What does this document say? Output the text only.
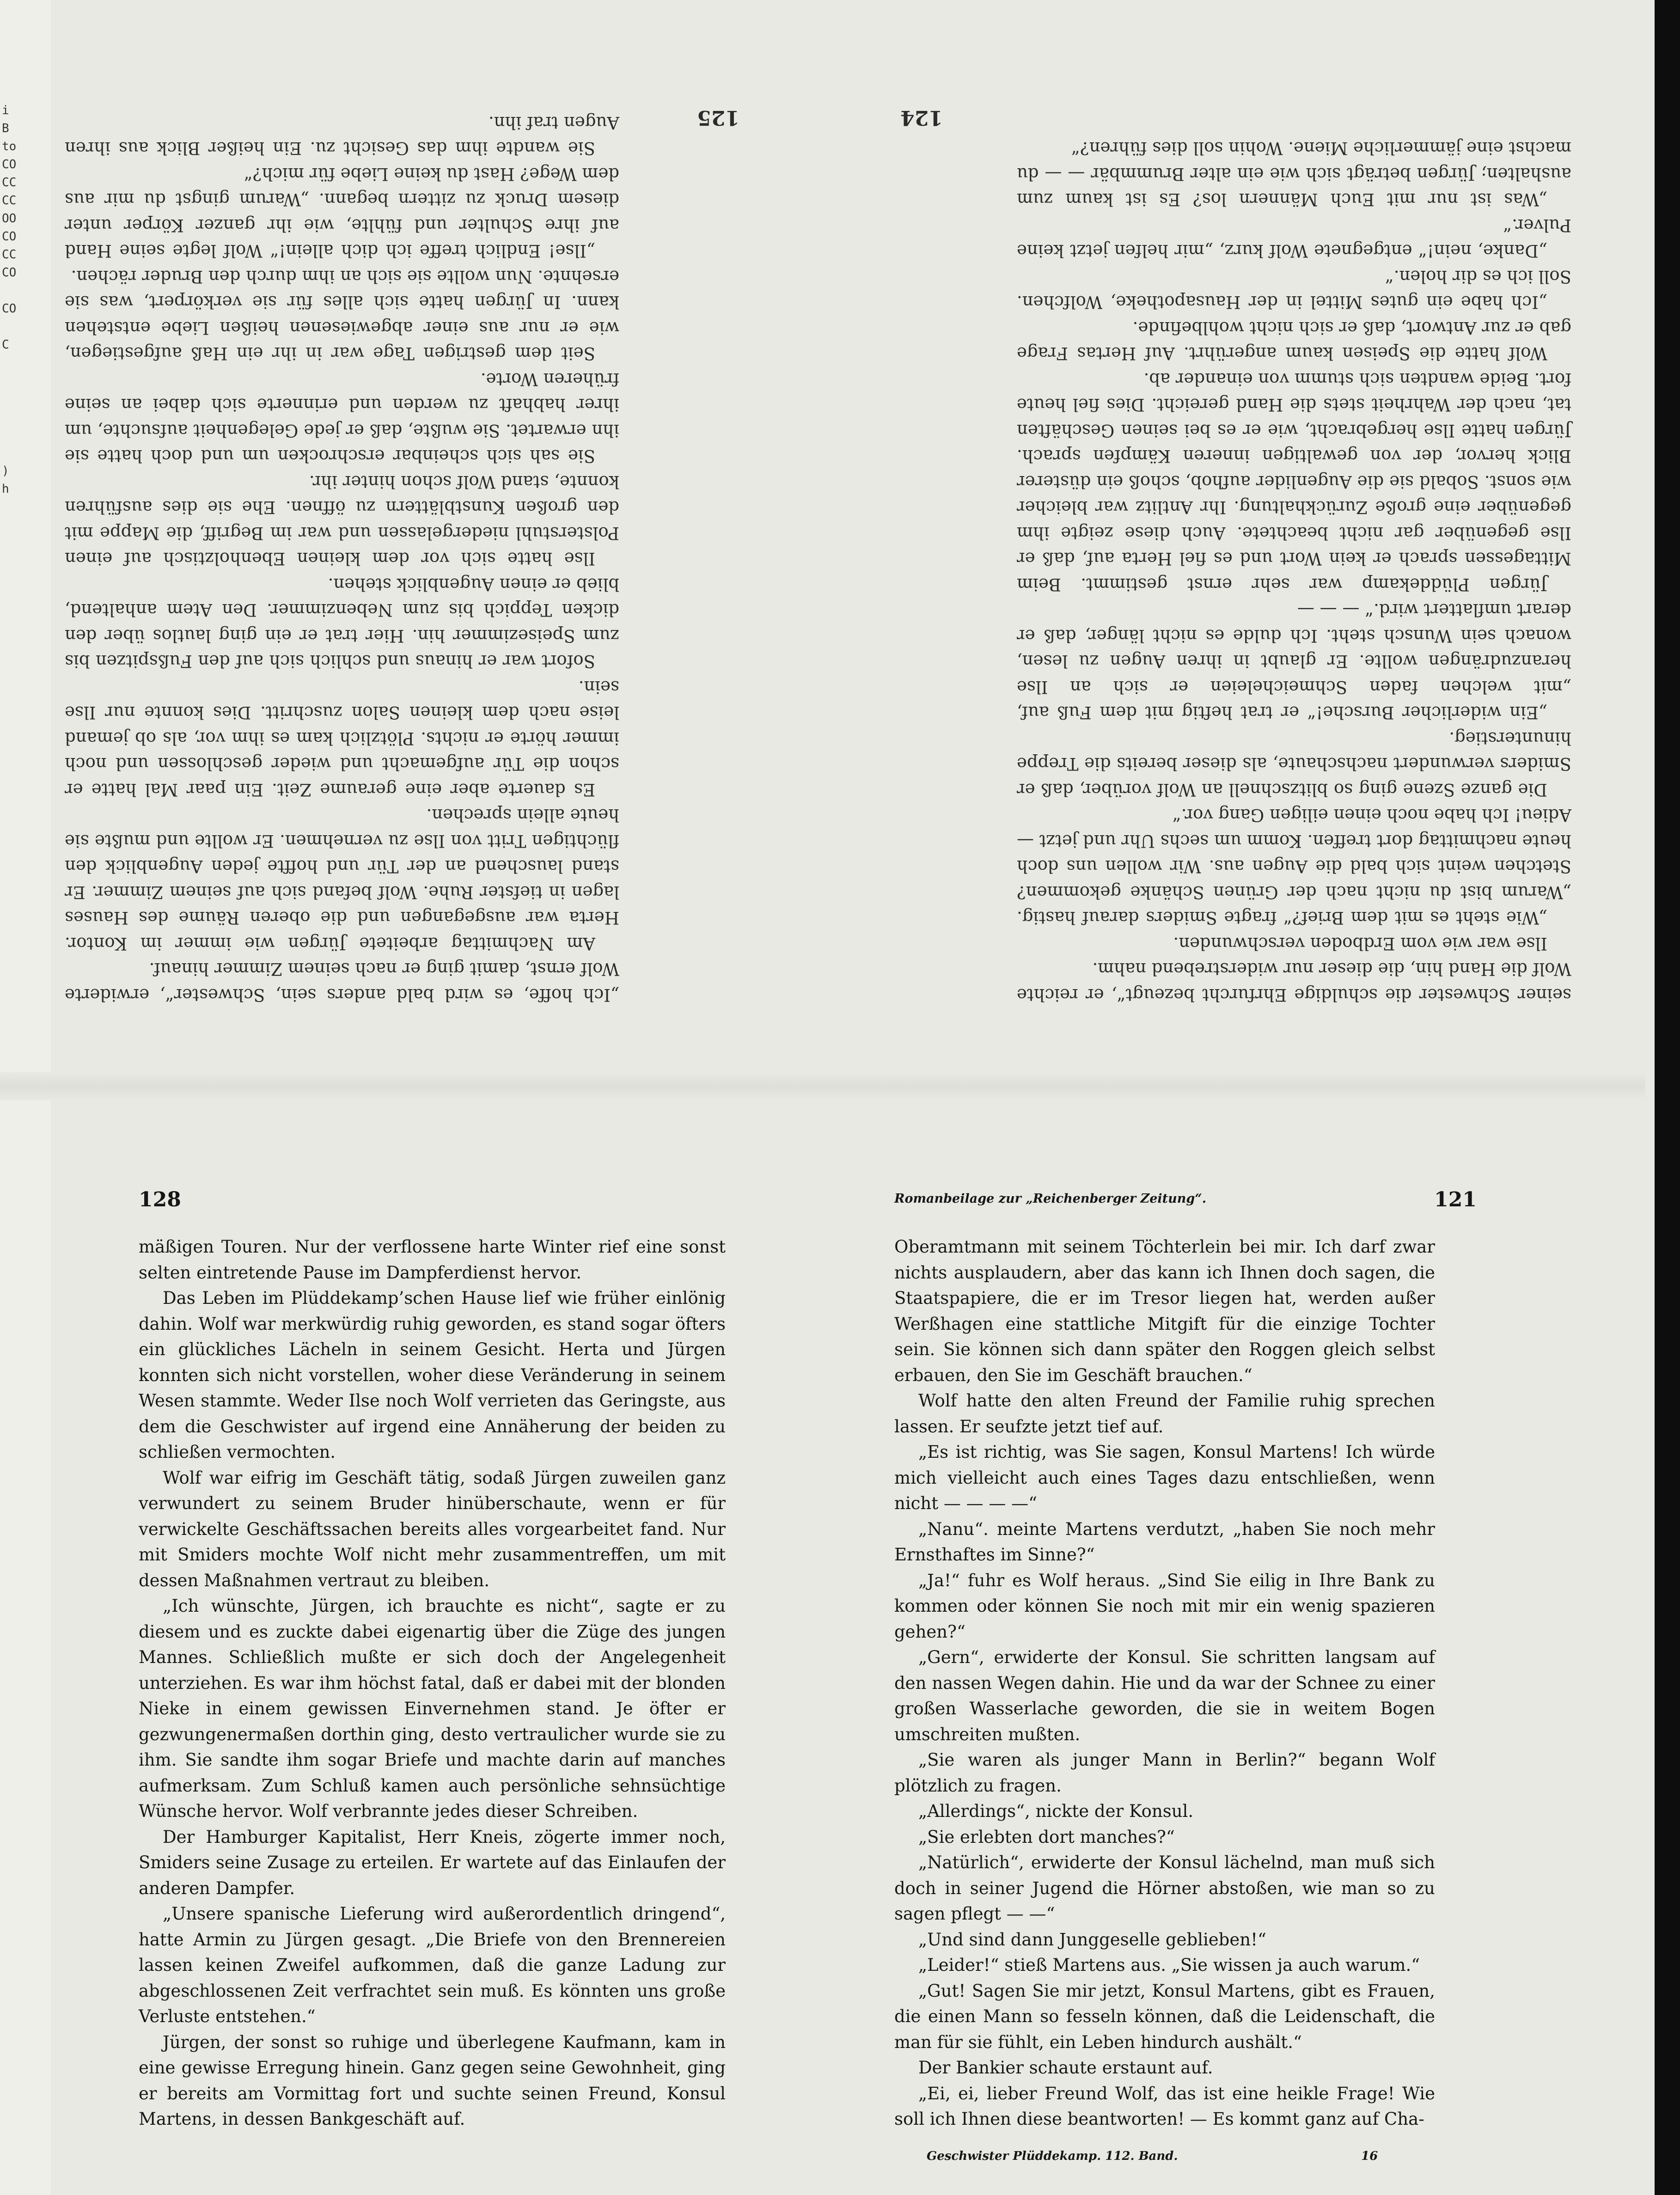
i
B
to
CO
CC
CC
OO
CO
CC
CO

CO

C

)
h
125

„Ich hoffe, es wird bald anders sein, Schwester“, erwiderte Wolf ernst, damit ging er nach seinem Zimmer hinauf.

Am Nachmittag arbeitete Jürgen wie immer im Kontor. Herta war ausgegangen und die oberen Räume des Hauses lagen in tiefster Ruhe. Wolf befand sich auf seinem Zimmer. Er stand lauschend an der Tür und hoffte jeden Augenblick den flüchtigen Tritt von Ilse zu vernehmen. Er wollte und mußte sie heute allein sprechen.

Es dauerte aber eine geraume Zeit. Ein paar Mal hatte er schon die Tür aufgemacht und wieder geschlossen und noch immer hörte er nichts. Plötzlich kam es ihm vor, als ob jemand leise nach dem kleinen Salon zuschritt. Dies konnte nur Ilse sein.

Sofort war er hinaus und schlich sich auf den Fußspitzen bis zum Speisezimmer hin. Hier trat er ein ging lautlos über den dicken Teppich bis zum Nebenzimmer. Den Atem anhaltend, blieb er einen Augenblick stehen.

Ilse hatte sich vor dem kleinen Ebenholztisch auf einen Polsterstuhl niedergelassen und war im Begriff, die Mappe mit den großen Kunstblättern zu öffnen. Ehe sie dies ausführen konnte, stand Wolf schon hinter ihr.

Sie sah sich scheinbar erschrocken um und doch hatte sie ihn erwartet. Sie wußte, daß er jede Gelegenheit aufsuchte, um ihrer habhaft zu werden und erinnerte sich dabei an seine früheren Worte.

Seit dem gestrigen Tage war in ihr ein Haß aufgestiegen, wie er nur aus einer abgewiesenen heißen Liebe entstehen kann. In Jürgen hatte sich alles für sie verkörpert, was sie ersehnte. Nun wollte sie sich an ihm durch den Bruder rächen.

„Ilse! Endlich treffe ich dich allein!“ Wolf legte seine Hand auf ihre Schulter und fühlte, wie ihr ganzer Körper unter diesem Druck zu zittern begann. „Warum gingst du mir aus dem Wege? Hast du keine Liebe für mich?“

Sie wandte ihm das Gesicht zu. Ein heißer Blick aus ihren Augen traf ihn.	124

seiner Schwester die schuldige Ehrfurcht bezeugt“, er reichte Wolf die Hand hin, die dieser nur widerstrebend nahm.

Ilse war wie vom Erdboden verschwunden.

„Wie steht es mit dem Brief?“ fragte Smiders darauf hastig. „Warum bist du nicht nach der Grünen Schänke gekommen? Stetchen weint sich bald die Augen aus. Wir wollen uns doch heute nachmittag dort treffen. Komm um sechs Uhr und jetzt — Adieu! Ich habe noch einen eiligen Gang vor.“

Die ganze Szene ging so blitzschnell an Wolf vorüber, daß er Smiders verwundert nachschaute, als dieser bereits die Treppe hinunterstieg.

„Ein widerlicher Bursche!“ er trat heftig mit dem Fuß auf, „mit welchen faden Schmeicheleien er sich an Ilse heranzudrängen wollte. Er glaubt in ihren Augen zu lesen, wonach sein Wunsch steht. Ich dulde es nicht länger, daß er derart umflattert wird.“ — — —

Jürgen Plüddekamp war sehr ernst gestimmt. Beim Mittagessen sprach er kein Wort und es fiel Herta auf, daß er Ilse gegenüber gar nicht beachtete. Auch diese zeigte ihm gegenüber eine große Zurückhaltung. Ihr Antlitz war bleicher wie sonst. Sobald sie die Augenlider aufhob, schoß ein düsterer Blick hervor, der von gewaltigen inneren Kämpfen sprach. Jürgen hatte Ilse hergebracht, wie er es bei seinen Geschäften tat, nach der Wahrheit stets die Hand gereicht. Dies fiel heute fort. Beide wandten sich stumm von einander ab.

Wolf hatte die Speisen kaum angerührt. Auf Hertas Frage gab er zur Antwort, daß er sich nicht wohlbefinde.

„Ich habe ein gutes Mittel in der Hausapotheke, Wolfchen. Soll ich es dir holen.“

„Danke, nein!“ entgegnete Wolf kurz, „mir helfen jetzt keine Pulver.“

„Was ist nur mit Euch Männern los? Es ist kaum zum aushalten; Jürgen beträgt sich wie ein alter Brummbär — — du machst eine jämmerliche Miene. Wohin soll dies führen?“

128

mäßigen Touren. Nur der verflossene harte Winter rief eine sonst selten eintretende Pause im Dampferdienst hervor.

Das Leben im Plüddekamp’schen Hause lief wie früher einlönig dahin. Wolf war merkwürdig ruhig geworden, es stand sogar öfters ein glückliches Lächeln in seinem Gesicht. Herta und Jürgen konnten sich nicht vorstellen, woher diese Veränderung in seinem Wesen stammte. Weder Ilse noch Wolf verrieten das Geringste, aus dem die Geschwister auf irgend eine Annäherung der beiden zu schließen vermochten.

Wolf war eifrig im Geschäft tätig, sodaß Jürgen zuweilen ganz verwundert zu seinem Bruder hinüberschaute, wenn er für verwickelte Geschäftssachen bereits alles vorgearbeitet fand. Nur mit Smiders mochte Wolf nicht mehr zusammentreffen, um mit dessen Maßnahmen vertraut zu bleiben.

„Ich wünschte, Jürgen, ich brauchte es nicht“, sagte er zu diesem und es zuckte dabei eigenartig über die Züge des jungen Mannes. Schließlich mußte er sich doch der Angelegenheit unterziehen. Es war ihm höchst fatal, daß er dabei mit der blonden Nieke in einem gewissen Einvernehmen stand. Je öfter er gezwungenermaßen dorthin ging, desto vertraulicher wurde sie zu ihm. Sie sandte ihm sogar Briefe und machte darin auf manches aufmerksam. Zum Schluß kamen auch persönliche sehnsüchtige Wünsche hervor. Wolf verbrannte jedes dieser Schreiben.

Der Hamburger Kapitalist, Herr Kneis, zögerte immer noch, Smiders seine Zusage zu erteilen. Er wartete auf das Einlaufen der anderen Dampfer.

„Unsere spanische Lieferung wird außerordentlich dringend“, hatte Armin zu Jürgen gesagt. „Die Briefe von den Brennereien lassen keinen Zweifel aufkommen, daß die ganze Ladung zur abgeschlossenen Zeit verfrachtet sein muß. Es könnten uns große Verluste entstehen.“

Jürgen, der sonst so ruhige und überlegene Kaufmann, kam in eine gewisse Erregung hinein. Ganz gegen seine Gewohnheit, ging er bereits am Vormittag fort und suchte seinen Freund, Konsul Martens, in dessen Bankgeschäft auf.

Romanbeilage zur „Reichenberger Zeitung“.	121

Oberamtmann mit seinem Töchterlein bei mir. Ich darf zwar nichts ausplaudern, aber das kann ich Ihnen doch sagen, die Staatspapiere, die er im Tresor liegen hat, werden außer Werßhagen eine stattliche Mitgift für die einzige Tochter sein. Sie können sich dann später den Roggen gleich selbst erbauen, den Sie im Geschäft brauchen.“

Wolf hatte den alten Freund der Familie ruhig sprechen lassen. Er seufzte jetzt tief auf.

„Es ist richtig, was Sie sagen, Konsul Martens! Ich würde mich vielleicht auch eines Tages dazu entschließen, wenn nicht — — — —“

„Nanu“. meinte Martens verdutzt, „haben Sie noch mehr Ernsthaftes im Sinne?“

„Ja!“ fuhr es Wolf heraus. „Sind Sie eilig in Ihre Bank zu kommen oder können Sie noch mit mir ein wenig spazieren gehen?“

„Gern“, erwiderte der Konsul. Sie schritten langsam auf den nassen Wegen dahin. Hie und da war der Schnee zu einer großen Wasserlache geworden, die sie in weitem Bogen umschreiten mußten.

„Sie waren als junger Mann in Berlin?“ begann Wolf plötzlich zu fragen.

„Allerdings“, nickte der Konsul.

„Sie erlebten dort manches?“

„Natürlich“, erwiderte der Konsul lächelnd, man muß sich doch in seiner Jugend die Hörner abstoßen, wie man so zu sagen pflegt — —“

„Und sind dann Junggeselle geblieben!“

„Leider!“ stieß Martens aus. „Sie wissen ja auch warum.“

„Gut! Sagen Sie mir jetzt, Konsul Martens, gibt es Frauen, die einen Mann so fesseln können, daß die Leidenschaft, die man für sie fühlt, ein Leben hindurch aushält.“

Der Bankier schaute erstaunt auf.

„Ei, ei, lieber Freund Wolf, das ist eine heikle Frage! Wie soll ich Ihnen diese beantworten! — Es kommt ganz auf Cha-

Geschwister Plüddekamp. 112. Band.	16
